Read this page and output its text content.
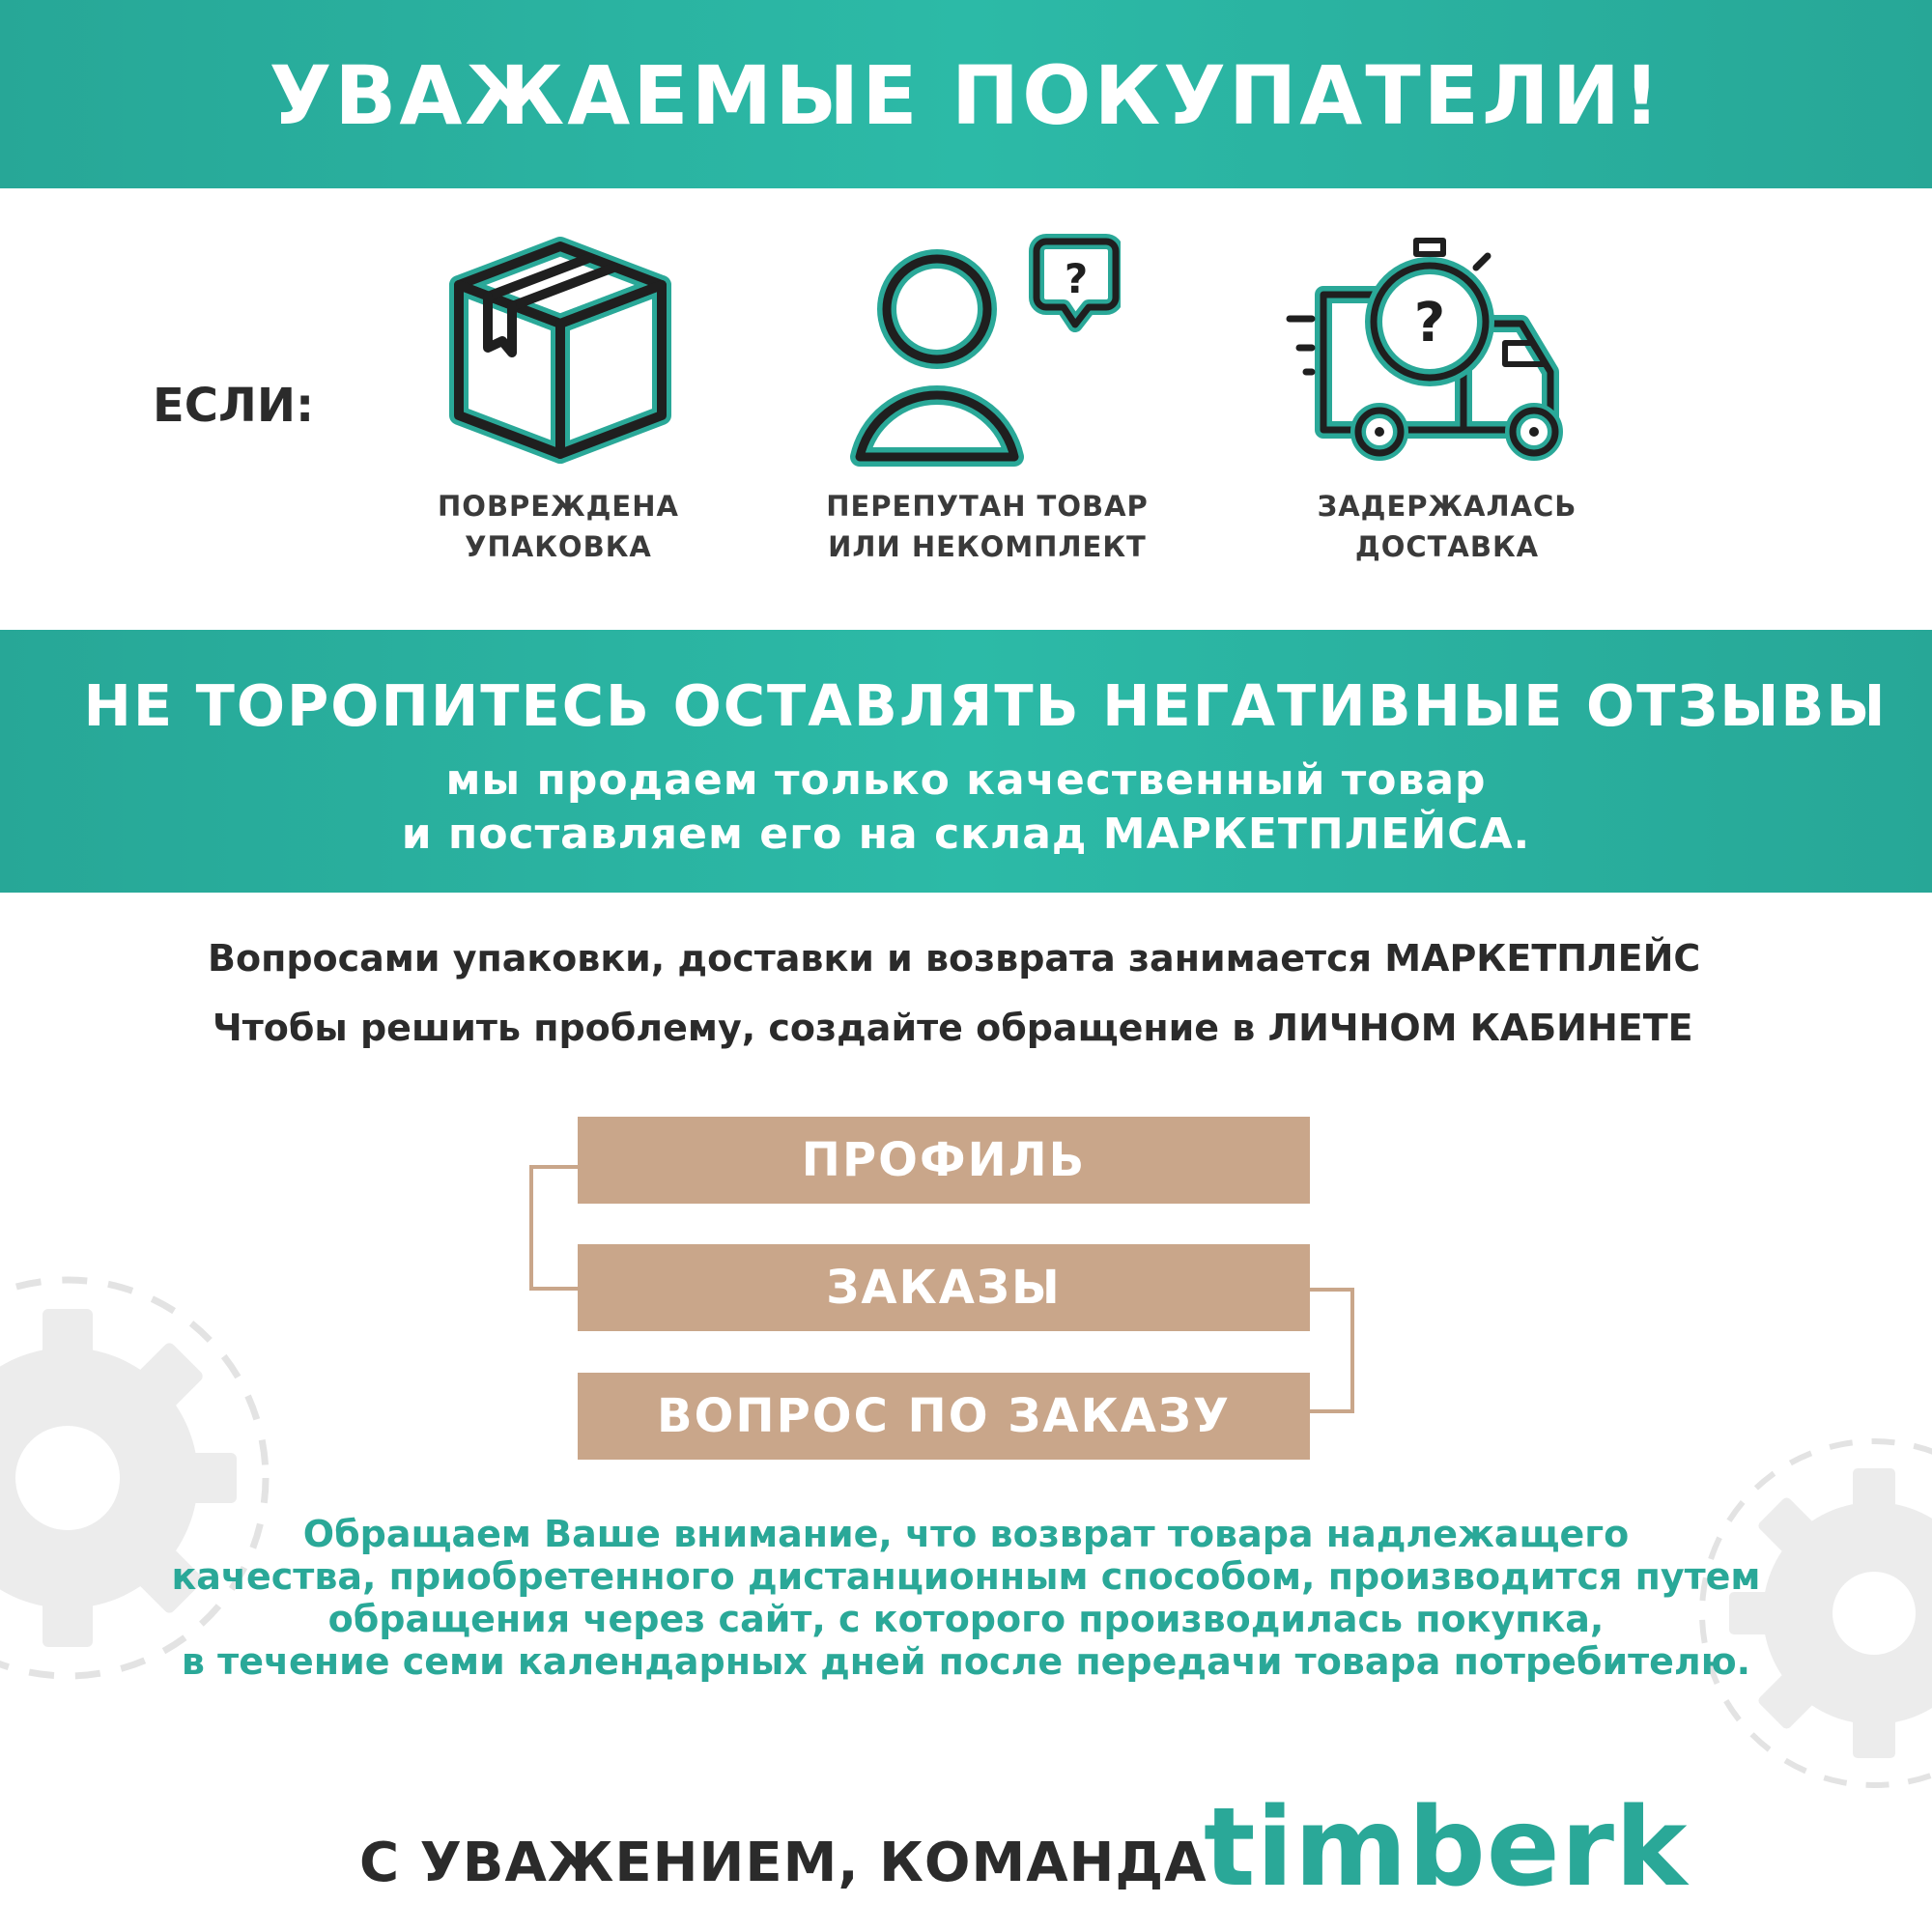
УВАЖАЕМЫЕ ПОКУПАТЕЛИ!
ЕСЛИ:
?
?
ПОВРЕЖДЕНА
УПАКОВКА
ПЕРЕПУТАН ТОВАР
ИЛИ НЕКОМПЛЕКТ
ЗАДЕРЖАЛАСЬ
ДОСТАВКА
НЕ ТОРОПИТЕСЬ ОСТАВЛЯТЬ НЕГАТИВНЫЕ ОТЗЫВЫ
мы продаем только качественный товар
и поставляем его на склад МАРКЕТПЛЕЙСА.
Вопросами упаковки, доставки и возврата занимается МАРКЕТПЛЕЙС
Чтобы решить проблему, создайте обращение в ЛИЧНОМ КАБИНЕТЕ
ПРОФИЛЬ
ЗАКАЗЫ
ВОПРОС ПО ЗАКАЗУ
Обращаем Ваше внимание, что возврат товара надлежащего
качества, приобретенного дистанционным способом, производится путем
обращения через сайт, с которого производилась покупка,
в течение семи календарных дней после передачи товара потребителю.
С УВАЖЕНИЕМ, КОМАНДА
timberk
